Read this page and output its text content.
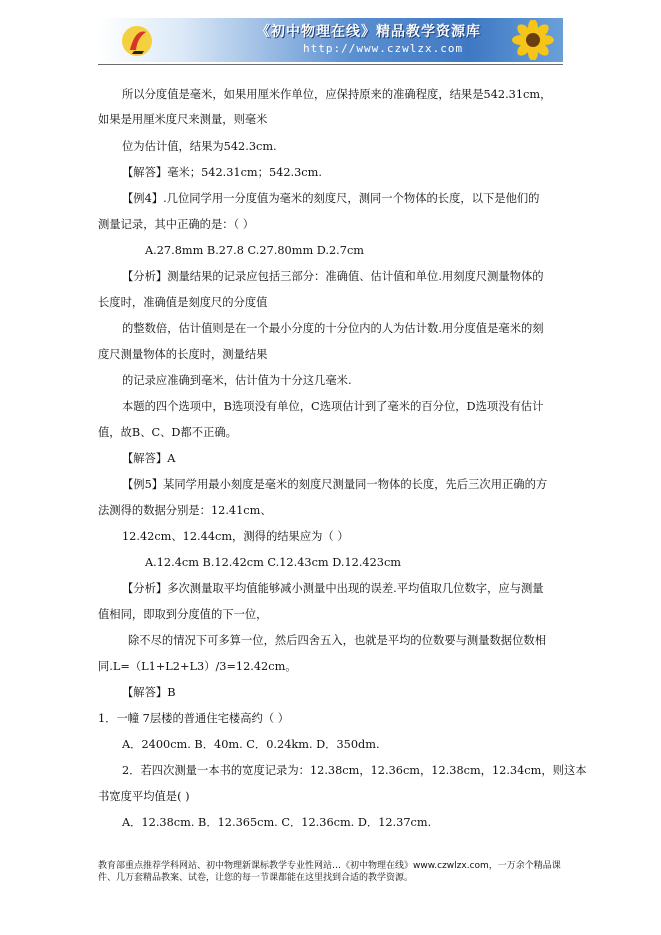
《初中物理在线》精品教学资源库
http://www.czwlzx.com
所以分度值是毫米，如果用厘米作单位，应保持原来的准确程度，结果是542.31cm，
如果是用厘米度尺来测量，则毫米
位为估计值，结果为542.3cm.
【解答】毫米；542.31cm；542.3cm.
【例4】.几位同学用一分度值为毫米的刻度尺，测同一个物体的长度，以下是他们的
测量记录，其中正确的是：（ ）
A.27.8mm B.27.8 C.27.80mm D.2.7cm
【分析】测量结果的记录应包括三部分：准确值、估计值和单位.用刻度尺测量物体的
长度时，准确值是刻度尺的分度值
的整数倍，估计值则是在一个最小分度的十分位内的人为估计数.用分度值是毫米的刻
度尺测量物体的长度时，测量结果
的记录应准确到毫米，估计值为十分这几毫米.
本题的四个选项中，B选项没有单位，C选项估计到了毫米的百分位，D选项没有估计
值，故B、C、D都不正确。
【解答】A
【例5】某同学用最小刻度是毫米的刻度尺测量同一物体的长度，先后三次用正确的方
法测得的数据分别是：12.41cm、
12.42cm、12.44cm，测得的结果应为（ ）
A.12.4cm B.12.42cm C.12.43cm D.12.423cm
【分析】多次测量取平均值能够减小测量中出现的误差.平均值取几位数字，应与测量
值相同，即取到分度值的下一位，
除不尽的情况下可多算一位，然后四舍五入，也就是平均的位数要与测量数据位数相
同.L=（L1+L2+L3）/3=12.42cm。
【解答】B
1．一幢 7层楼的普通住宅楼高约（ ）
A．2400cm. B．40m. C．0.24km. D．350dm.
2．若四次测量一本书的宽度记录为：12.38cm，12.36cm，12.38cm，12.34cm，则这本
书宽度平均值是( )
A．12.38cm. B．12.365cm. C．12.36cm. D．12.37cm.
教育部重点推荐学科网站、初中物理新课标教学专业性网站…《初中物理在线》www.czwlzx.com，一万余个精品课件、几万套精品教案、试卷，让您的每一节课都能在这里找到合适的教学资源。
